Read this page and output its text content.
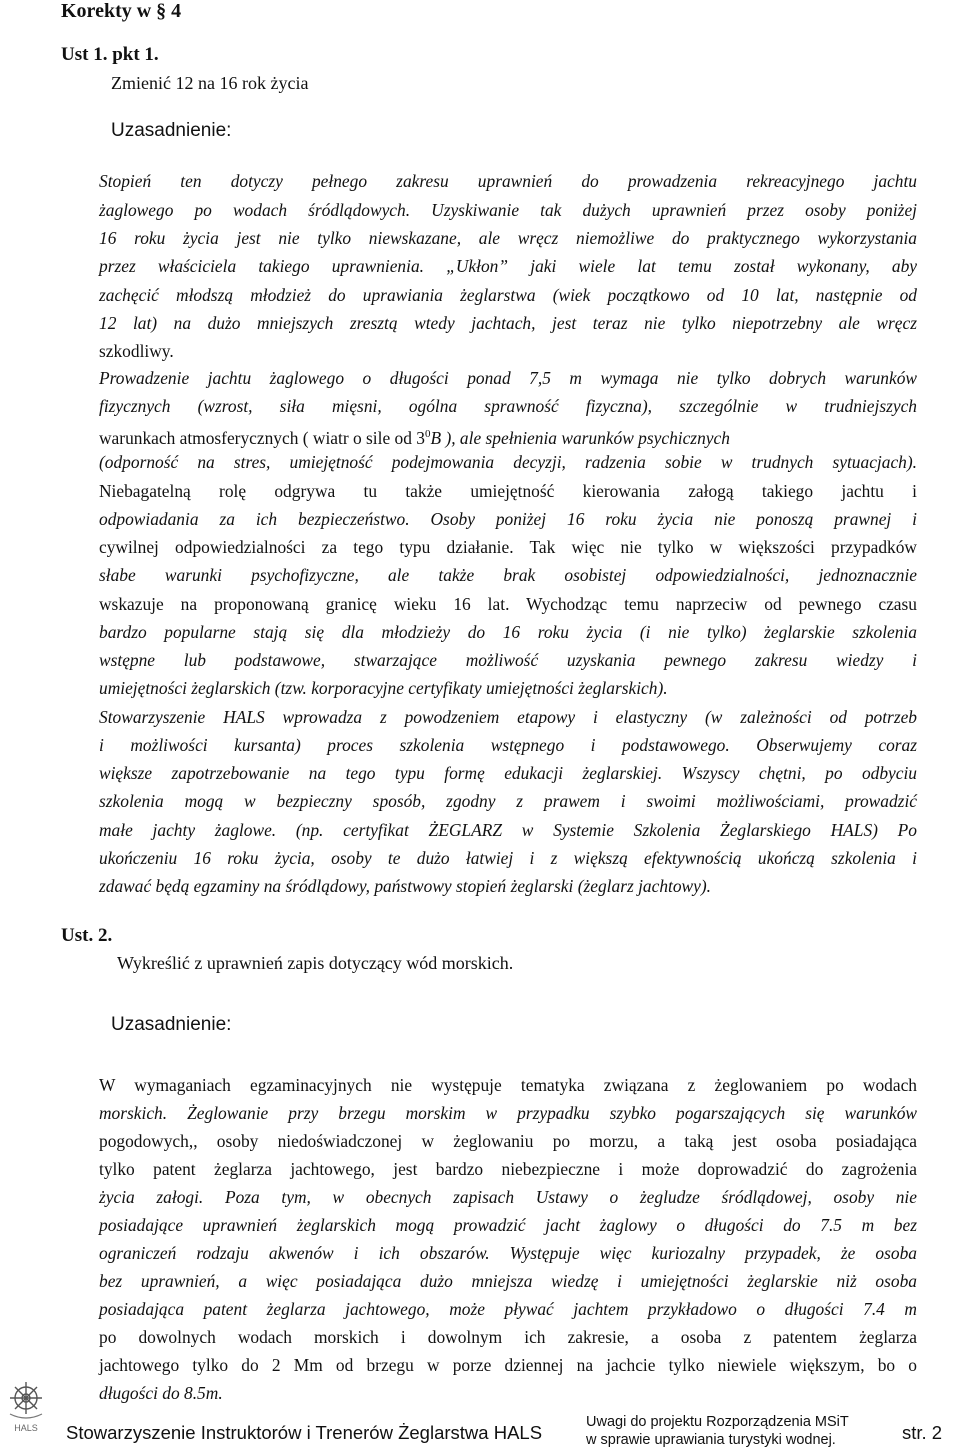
Korekty w § 4
Ust 1. pkt 1.
Zmienić 12 na 16 rok życia
Uzasadnienie:
Stopień ten dotyczy pełnego zakresu uprawnień do prowadzenia rekreacyjnego jachtu
żaglowego po wodach śródlądowych. Uzyskiwanie tak dużych uprawnień przez osoby poniżej
16 roku życia jest nie tylko niewskazane, ale wręcz niemożliwe do praktycznego wykorzystania
przez właściciela takiego uprawnienia. „Ukłon” jaki wiele lat temu został wykonany, aby
zachęcić młodszą młodzież do uprawiania żeglarstwa (wiek początkowo od 10 lat, następnie od
12 lat) na dużo mniejszych zresztą wtedy jachtach, jest teraz nie tylko niepotrzebny ale wręcz
szkodliwy.
Prowadzenie jachtu żaglowego o długości ponad 7,5 m wymaga nie tylko dobrych warunków
fizycznych (wzrost, siła mięsni, ogólna sprawność fizyczna), szczególnie w trudniejszych
warunkach atmosferycznych ( wiatr o sile od $3^0B$ ), ale spełnienia warunków psychicznych
(odporność na stres, umiejętność podejmowania decyzji, radzenia sobie w trudnych sytuacjach).
Niebagatelną rolę odgrywa tu także umiejętność kierowania załogą takiego jachtu i
odpowiadania za ich bezpieczeństwo. Osoby poniżej 16 roku życia nie ponoszą prawnej i
cywilnej odpowiedzialności za tego typu działanie. Tak więc nie tylko w większości przypadków
słabe warunki psychofizyczne, ale także brak osobistej odpowiedzialności, jednoznacznie
wskazuje na proponowaną granicę wieku 16 lat. Wychodząc temu naprzeciw od pewnego czasu
bardzo popularne stają się dla młodzieży do 16 roku życia (i nie tylko) żeglarskie szkolenia
wstępne lub podstawowe, stwarzające możliwość uzyskania pewnego zakresu wiedzy i
umiejętności żeglarskich (tzw. korporacyjne certyfikaty umiejętności żeglarskich).
Stowarzyszenie HALS wprowadza z powodzeniem etapowy i elastyczny (w zależności od potrzeb
i możliwości kursanta) proces szkolenia wstępnego i podstawowego. Obserwujemy coraz
większe zapotrzebowanie na tego typu formę edukacji żeglarskiej. Wszyscy chętni, po odbyciu
szkolenia mogą w bezpieczny sposób, zgodny z prawem i swoimi możliwościami, prowadzić
małe jachty żaglowe. (np. certyfikat ŻEGLARZ w Systemie Szkolenia Żeglarskiego HALS) Po
ukończeniu 16 roku życia, osoby te dużo łatwiej i z większą efektywnością ukończą szkolenia i
zdawać będą egzaminy na śródlądowy, państwowy stopień żeglarski (żeglarz jachtowy).
Ust. 2.
Wykreślić z uprawnień zapis dotyczący wód morskich.
Uzasadnienie:
W wymaganiach egzaminacyjnych nie występuje tematyka związana z żeglowaniem po wodach
morskich. Żeglowanie przy brzegu morskim w przypadku szybko pogarszających się warunków
pogodowych,, osoby niedoświadczonej w żeglowaniu po morzu, a taką jest osoba posiadająca
tylko patent żeglarza jachtowego, jest bardzo niebezpieczne i może doprowadzić do zagrożenia
życia załogi. Poza tym, w obecnych zapisach Ustawy o żegludze śródlądowej, osoby nie
posiadające uprawnień żeglarskich mogą prowadzić jacht żaglowy o długości do 7.5 m bez
ograniczeń rodzaju akwenów i ich obszarów. Występuje więc kuriozalny przypadek, że osoba
bez uprawnień, a więc posiadająca dużo mniejsza wiedzę i umiejętności żeglarskie niż osoba
posiadająca patent żeglarza jachtowego, może pływać jachtem przykładowo o długości 7.4 m
po dowolnych wodach morskich i dowolnym ich zakresie, a osoba z patentem żeglarza
jachtowego tylko do 2 Mm od brzegu w porze dziennej na jachcie tylko niewiele większym, bo o
długości do 8.5m.
HALS Stowarzyszenie Instruktorów i Trenerów Żeglarstwa HALS	Uwagi do projektu Rozporządzenia MSiT
w sprawie uprawiania turystyki wodnej.	str. 2
